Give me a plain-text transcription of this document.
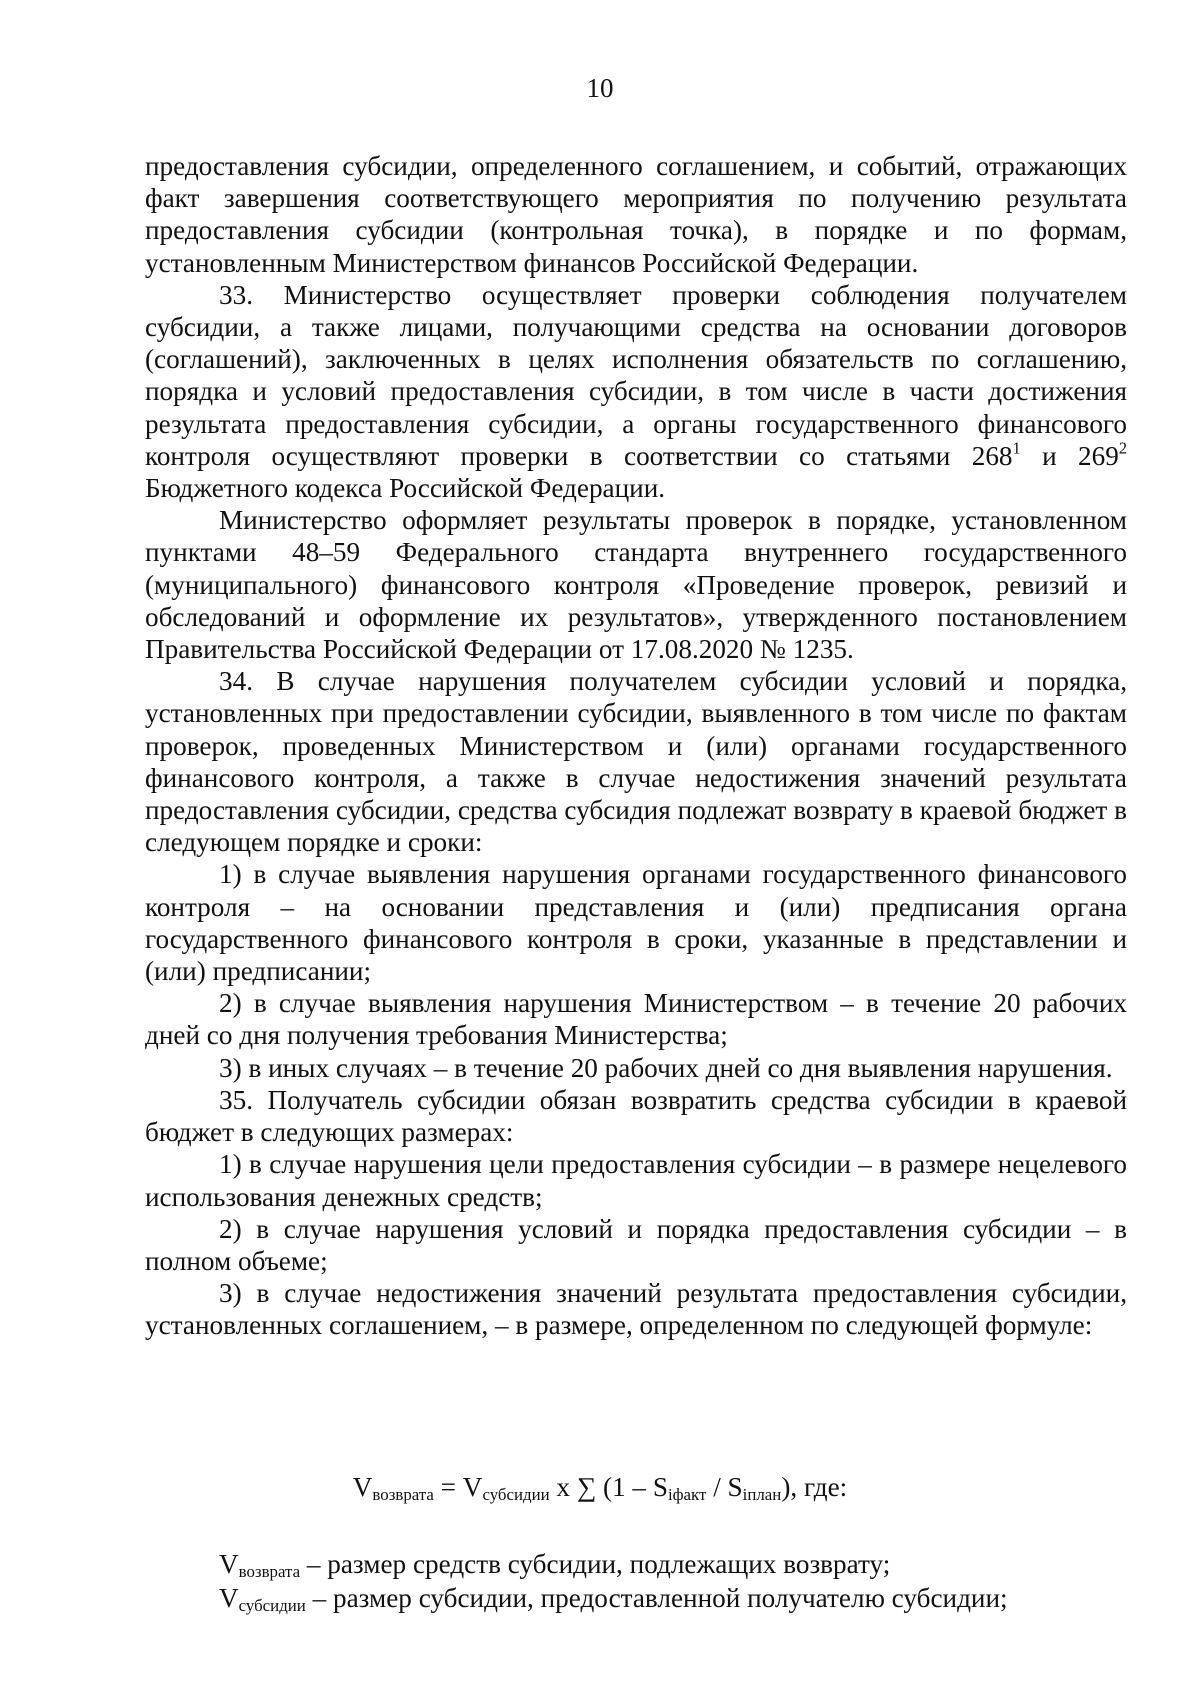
10

предоставления субсидии, определенного соглашением, и событий, отражающих факт завершения соответствующего мероприятия по получению результата предоставления субсидии (контрольная точка), в порядке и по формам, установленным Министерством финансов Российской Федерации.

33. Министерство осуществляет проверки соблюдения получателем субсидии, а также лицами, получающими средства на основании договоров (соглашений), заключенных в целях исполнения обязательств по соглашению, порядка и условий предоставления субсидии, в том числе в части достижения результата предоставления субсидии, а органы государственного финансового контроля осуществляют проверки в соответствии со статьями $268^1$ и $269^2$ Бюджетного кодекса Российской Федерации.

Министерство оформляет результаты проверок в порядке, установленном пунктами 48–59 Федерального стандарта внутреннего государственного (муниципального) финансового контроля «Проведение проверок, ревизий и обследований и оформление их результатов», утвержденного постановлением Правительства Российской Федерации от 17.08.2020 № 1235.

34. В случае нарушения получателем субсидии условий и порядка, установленных при предоставлении субсидии, выявленного в том числе по фактам проверок, проведенных Министерством и (или) органами государственного финансового контроля, а также в случае недостижения значений результата предоставления субсидии, средства субсидия подлежат возврату в краевой бюджет в следующем порядке и сроки:

1) в случае выявления нарушения органами государственного финансового контроля – на основании представления и (или) предписания органа государственного финансового контроля в сроки, указанные в представлении и (или) предписании;

2) в случае выявления нарушения Министерством – в течение 20 рабочих дней со дня получения требования Министерства;

3) в иных случаях – в течение 20 рабочих дней со дня выявления нарушения.

35. Получатель субсидии обязан возвратить средства субсидии в краевой бюджет в следующих размерах:

1) в случае нарушения цели предоставления субсидии – в размере нецелевого использования денежных средств;

2) в случае нарушения условий и порядка предоставления субсидии – в полном объеме;

3) в случае недостижения значений результата предоставления субсидии, установленных соглашением, – в размере, определенном по следующей формуле:

$V_{возврата} = V_{субсидии}$ x ∑ $(1 - S_{iфакт} / S_{iплан})$, где:

$V_{возврата}$ – размер средств субсидии, подлежащих возврату;

$V_{субсидии}$ – размер субсидии, предоставленной получателю субсидии;
